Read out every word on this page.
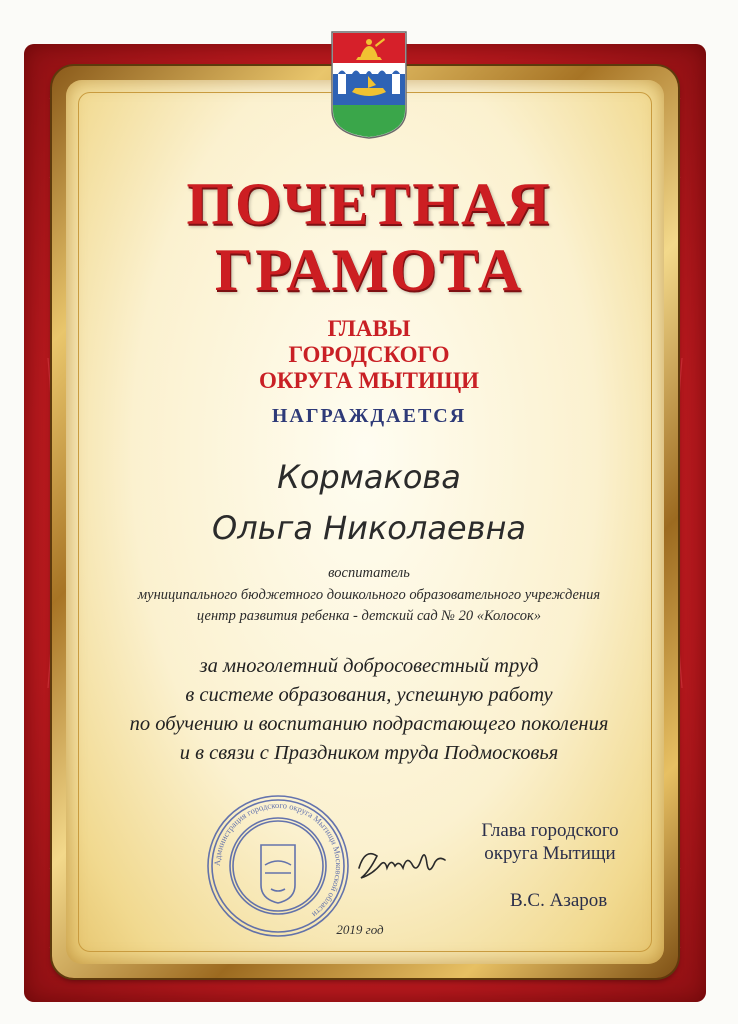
ПОЧЕТНАЯ
ГРАМОТА
ГЛАВЫ
ГОРОДСКОГО
ОКРУГА МЫТИЩИ
НАГРАЖДАЕТСЯ
Кормакова
Ольга Николаевна
воспитатель
муниципального бюджетного дошкольного образовательного учреждения
центр развития ребенка - детский сад № 20 «Колосок»
за многолетний добросовестный труд
в системе образования, успешную работу
по обучению и воспитанию подрастающего поколения
и в связи с Праздником труда Подмосковья
Администрация городского округа Мытищи Московской области
Глава городского
округа Мытищи
В.С. Азаров
2019 год
